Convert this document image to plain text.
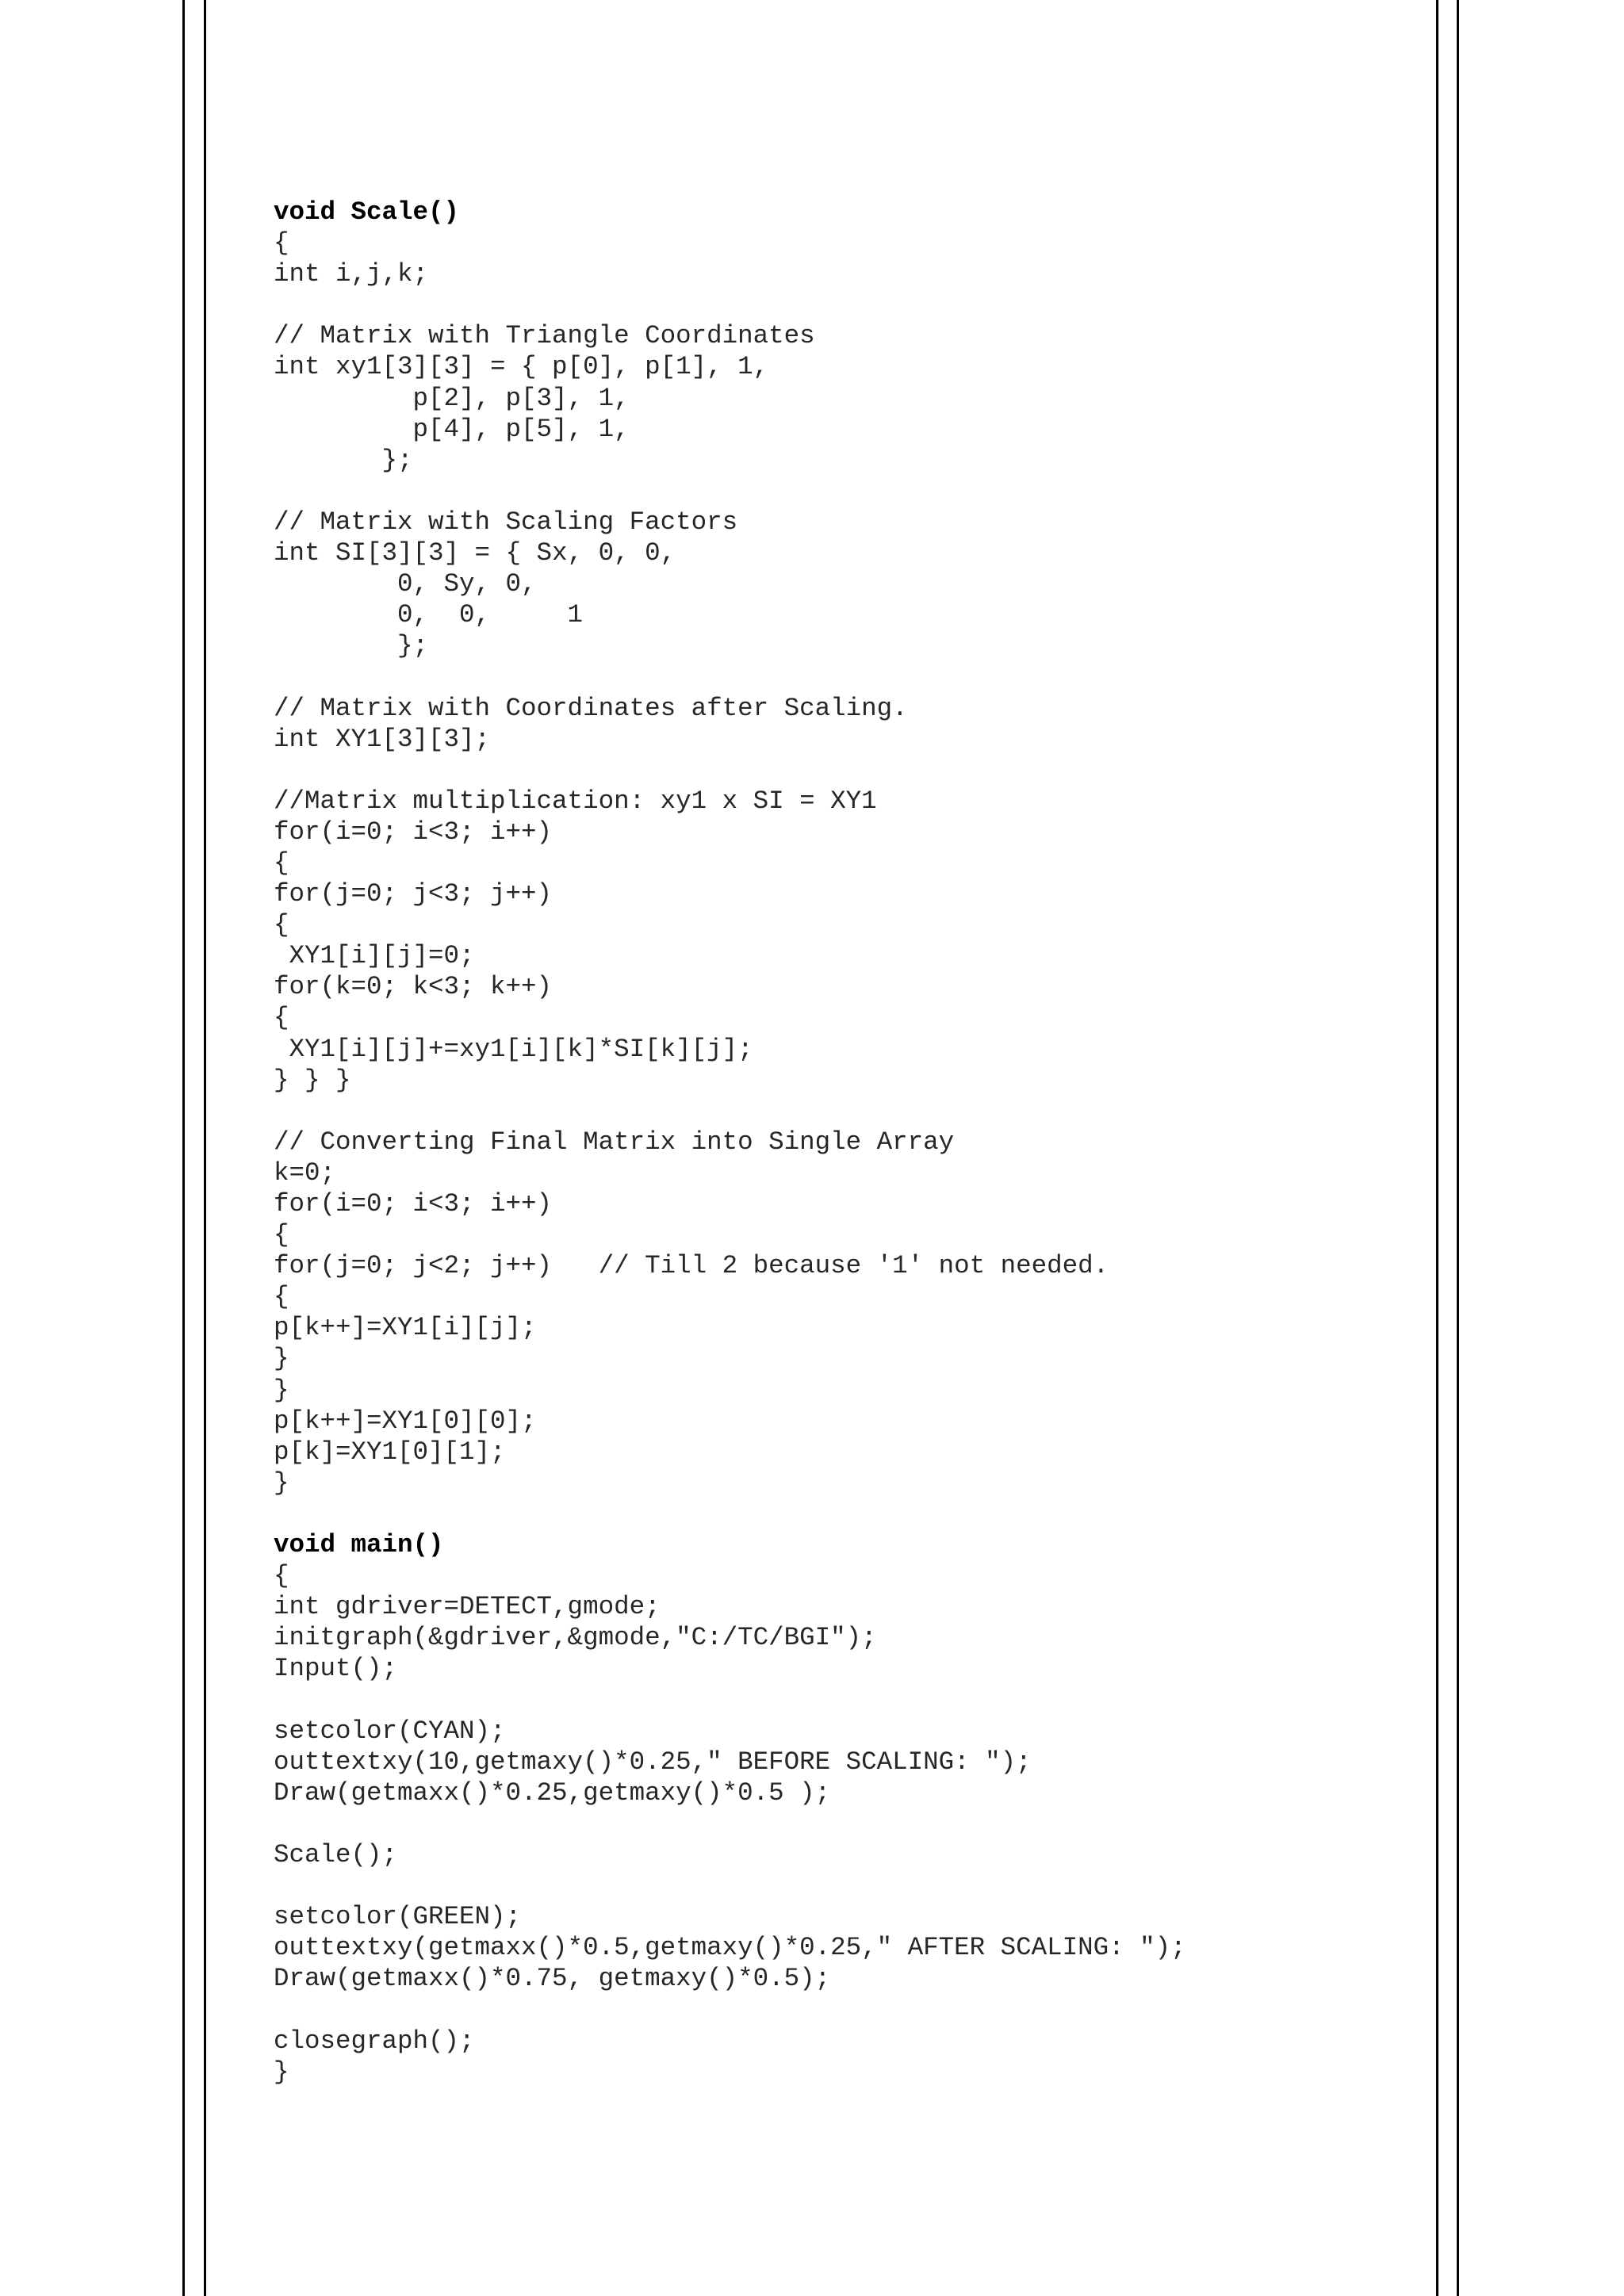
void Scale()
{
int i,j,k;
// Matrix with Triangle Coordinates
int xy1[3][3] = { p[0], p[1], 1,
p[2], p[3], 1,
p[4], p[5], 1,
};
// Matrix with Scaling Factors
int SI[3][3] = { Sx, 0, 0,
0, Sy, 0,
0,  0,     1
};
// Matrix with Coordinates after Scaling.
int XY1[3][3];
//Matrix multiplication: xy1 x SI = XY1
for(i=0; i<3; i++)
{
for(j=0; j<3; j++)
{
XY1[i][j]=0;
for(k=0; k<3; k++)
{
XY1[i][j]+=xy1[i][k]*SI[k][j];
} } }
// Converting Final Matrix into Single Array
k=0;
for(i=0; i<3; i++)
{
for(j=0; j<2; j++)   // Till 2 because '1' not needed.
{
p[k++]=XY1[i][j];
}
}
p[k++]=XY1[0][0];
p[k]=XY1[0][1];
}
void main()
{
int gdriver=DETECT,gmode;
initgraph(&gdriver,&gmode,"C:/TC/BGI");
Input();
setcolor(CYAN);
outtextxy(10,getmaxy()*0.25," BEFORE SCALING: ");
Draw(getmaxx()*0.25,getmaxy()*0.5 );
Scale();
setcolor(GREEN);
outtextxy(getmaxx()*0.5,getmaxy()*0.25," AFTER SCALING: ");
Draw(getmaxx()*0.75, getmaxy()*0.5);
closegraph();
}
